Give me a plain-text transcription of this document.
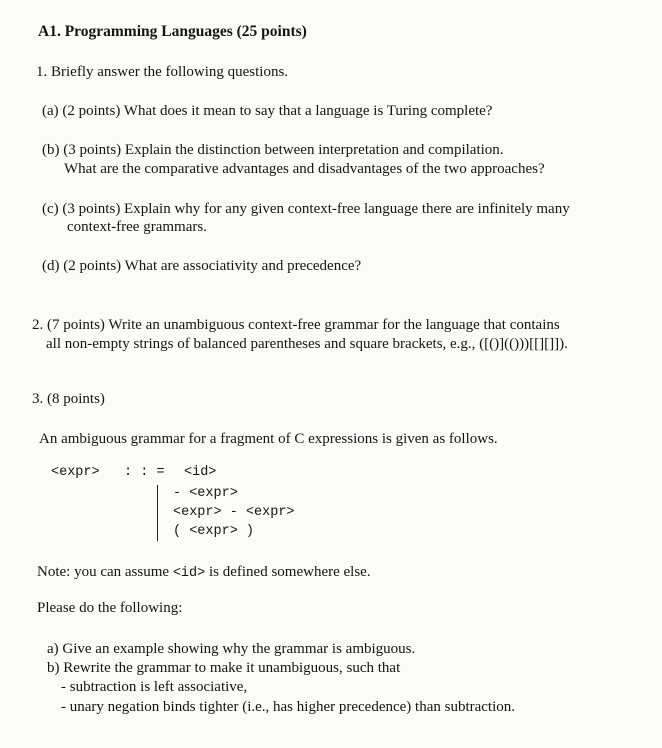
A1. Programming Languages (25 points)
1. Briefly answer the following questions.
(a) (2 points) What does it mean to say that a language is Turing complete?
(b) (3 points) Explain the distinction between interpretation and compilation.
What are the comparative advantages and disadvantages of the two approaches?
(c) (3 points) Explain why for any given context-free language there are infinitely many
context-free grammars.
(d) (2 points) What are associativity and precedence?
2. (7 points) Write an unambiguous context-free grammar for the language that contains
all non-empty strings of balanced parentheses and square brackets, e.g., ([()](()))[[][]]).
3. (8 points)
An ambiguous grammar for a fragment of C expressions is given as follows.
<expr> : : = <id>
- <expr>
<expr> - <expr>
( <expr> )
Note: you can assume <id> is defined somewhere else.
Please do the following:
a) Give an example showing why the grammar is ambiguous.
b) Rewrite the grammar to make it unambiguous, such that
- subtraction is left associative,
- unary negation binds tighter (i.e., has higher precedence) than subtraction.
